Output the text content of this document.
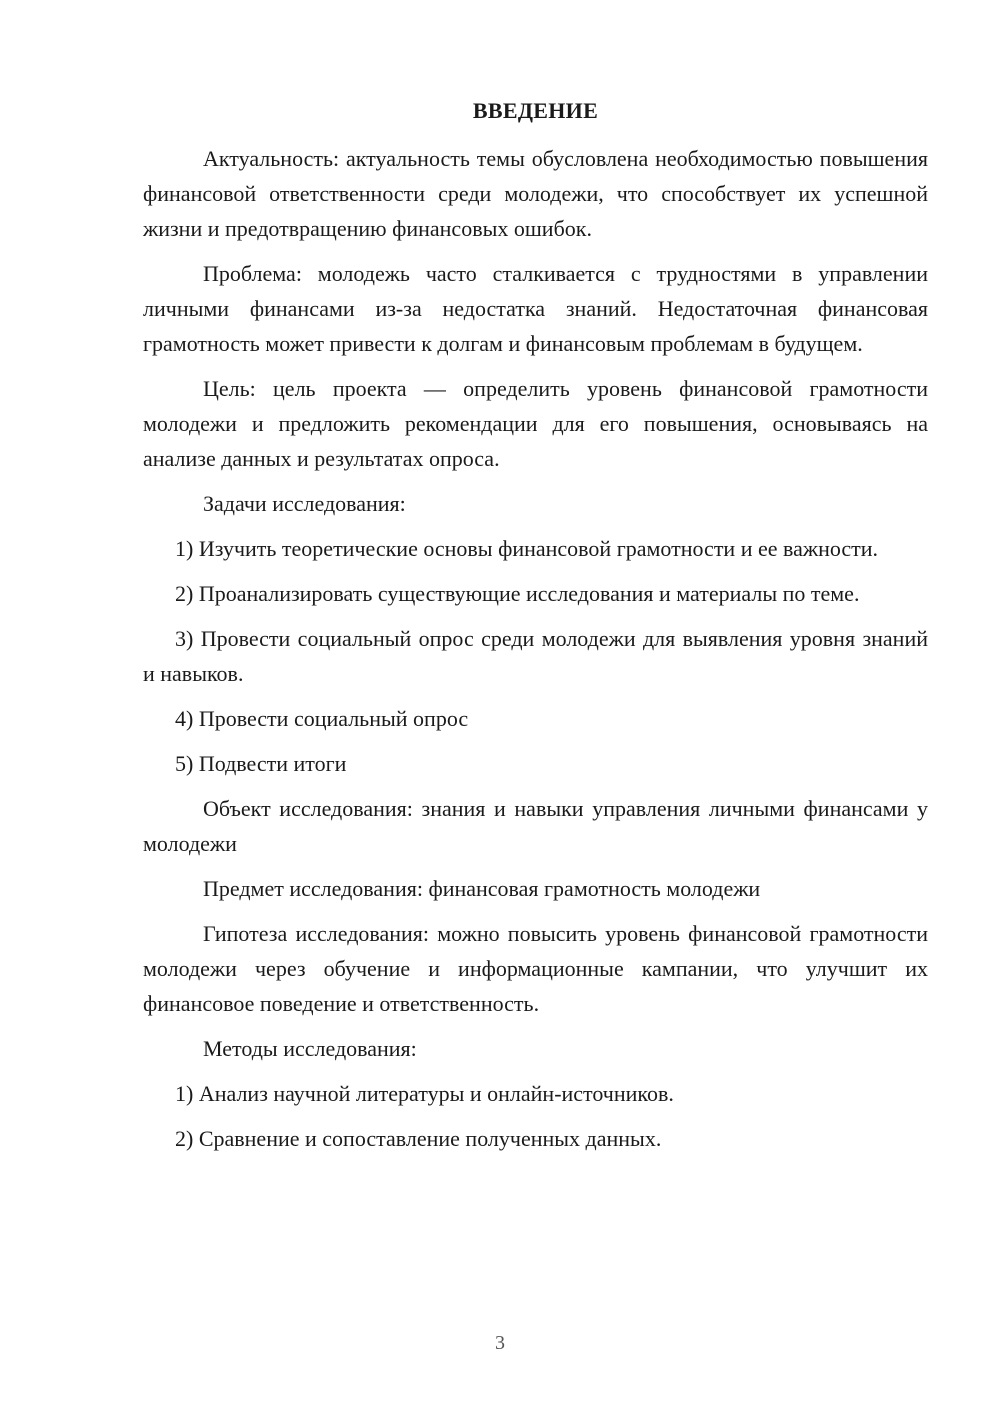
ВВЕДЕНИЕ
Актуальность: актуальность темы обусловлена необходимостью повышения финансовой ответственности среди молодежи, что способствует их успешной жизни и предотвращению финансовых ошибок.
Проблема: молодежь часто сталкивается с трудностями в управлении личными финансами из-за недостатка знаний. Недостаточная финансовая грамотность может привести к долгам и финансовым проблемам в будущем.
Цель: цель проекта — определить уровень финансовой грамотности молодежи и предложить рекомендации для его повышения, основываясь на анализе данных и результатах опроса.
Задачи исследования:
1) Изучить теоретические основы финансовой грамотности и ее важности.
2) Проанализировать существующие исследования и материалы по теме.
3) Провести социальный опрос среди молодежи для выявления уровня знаний и навыков.
4) Провести социальный опрос
5) Подвести итоги
Объект исследования: знания и навыки управления личными финансами у молодежи
Предмет исследования: финансовая грамотность молодежи
Гипотеза исследования: можно повысить уровень финансовой грамотности молодежи через обучение и информационные кампании, что улучшит их финансовое поведение и ответственность.
Методы исследования:
1) Анализ научной литературы и онлайн-источников.
2) Сравнение и сопоставление полученных данных.
3
